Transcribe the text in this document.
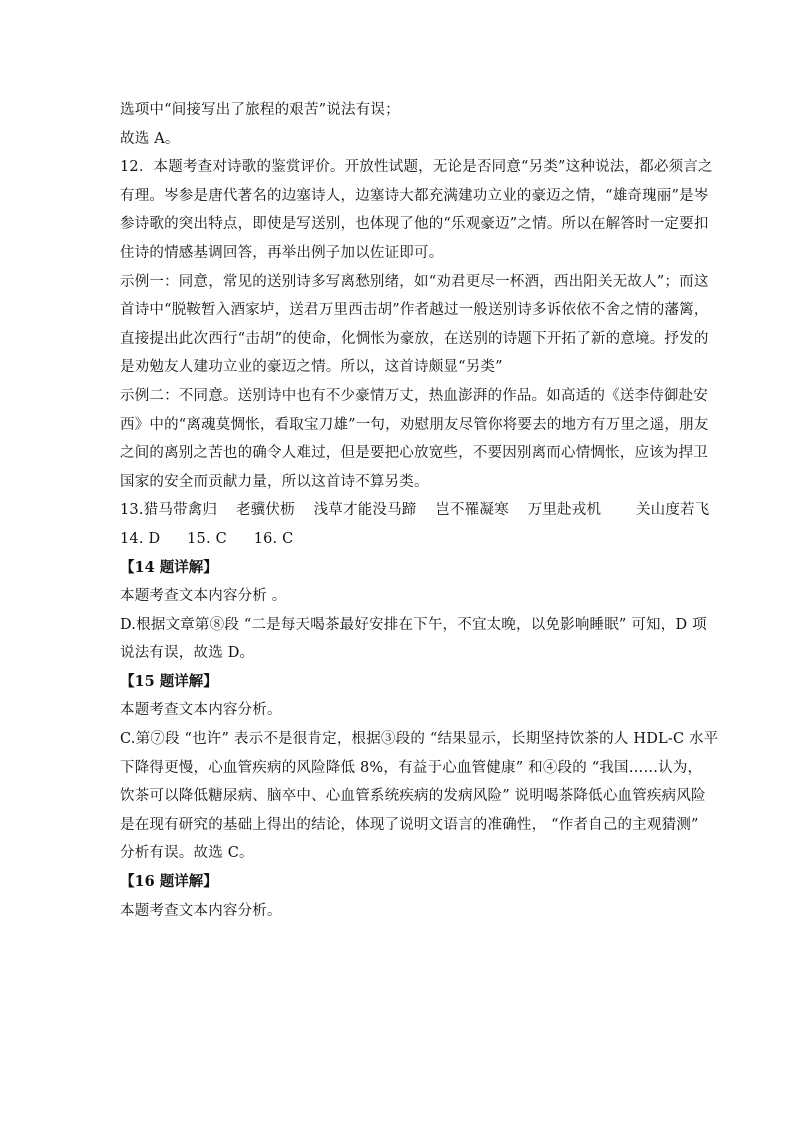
选项中“间接写出了旅程的艰苦”说法有误；
故选 A。
12．本题考查对诗歌的鉴赏评价。开放性试题，无论是否同意“另类”这种说法，都必须言之
有理。岑参是唐代著名的边塞诗人，边塞诗大都充满建功立业的豪迈之情，“雄奇瑰丽”是岑
参诗歌的突出特点，即使是写送别，也体现了他的“乐观豪迈”之情。所以在解答时一定要扣
住诗的情感基调回答，再举出例子加以佐证即可。
示例一：同意，常见的送别诗多写离愁别绪，如“劝君更尽一杯酒，西出阳关无故人”；而这
首诗中“脱鞍暂入酒家垆，送君万里西击胡”作者越过一般送别诗多诉依依不舍之情的藩篱，
直接提出此次西行“击胡”的使命，化惆怅为豪放，在送别的诗题下开拓了新的意境。抒发的
是劝勉友人建功立业的豪迈之情。所以，这首诗颇显“另类”
示例二：不同意。送别诗中也有不少豪情万丈，热血澎湃的作品。如高适的《送李侍御赴安
西》中的“离魂莫惆怅，看取宝刀雄”一句，劝慰朋友尽管你将要去的地方有万里之遥，朋友
之间的离别之苦也的确令人难过，但是要把心放宽些，不要因别离而心情惆怅，应该为捍卫
国家的安全而贡献力量，所以这首诗不算另类。
13.猎马带禽归 老骥伏枥 浅草才能没马蹄 岂不罹凝寒 万里赴戎机 关山度若飞
14. D 15. C 16. C
【14 题详解】
本题考查文本内容分析 。
D.根据文章第⑧段 “二是每天喝茶最好安排在下午，不宜太晚，以免影响睡眠” 可知，D 项
说法有误，故选 D。
【15 题详解】
本题考查文本内容分析。
C.第⑦段 “也许” 表示不是很肯定，根据③段的 “结果显示，长期坚持饮茶的人 HDL-C 水平
下降得更慢，心血管疾病的风险降低 8%，有益于心血管健康” 和④段的 “我国……认为，
饮茶可以降低糖尿病、脑卒中、心血管系统疾病的发病风险” 说明喝茶降低心血管疾病风险
是在现有研究的基础上得出的结论，体现了说明文语言的准确性， “作者自己的主观猜测”
分析有误。故选 C。
【16 题详解】
本题考查文本内容分析。
